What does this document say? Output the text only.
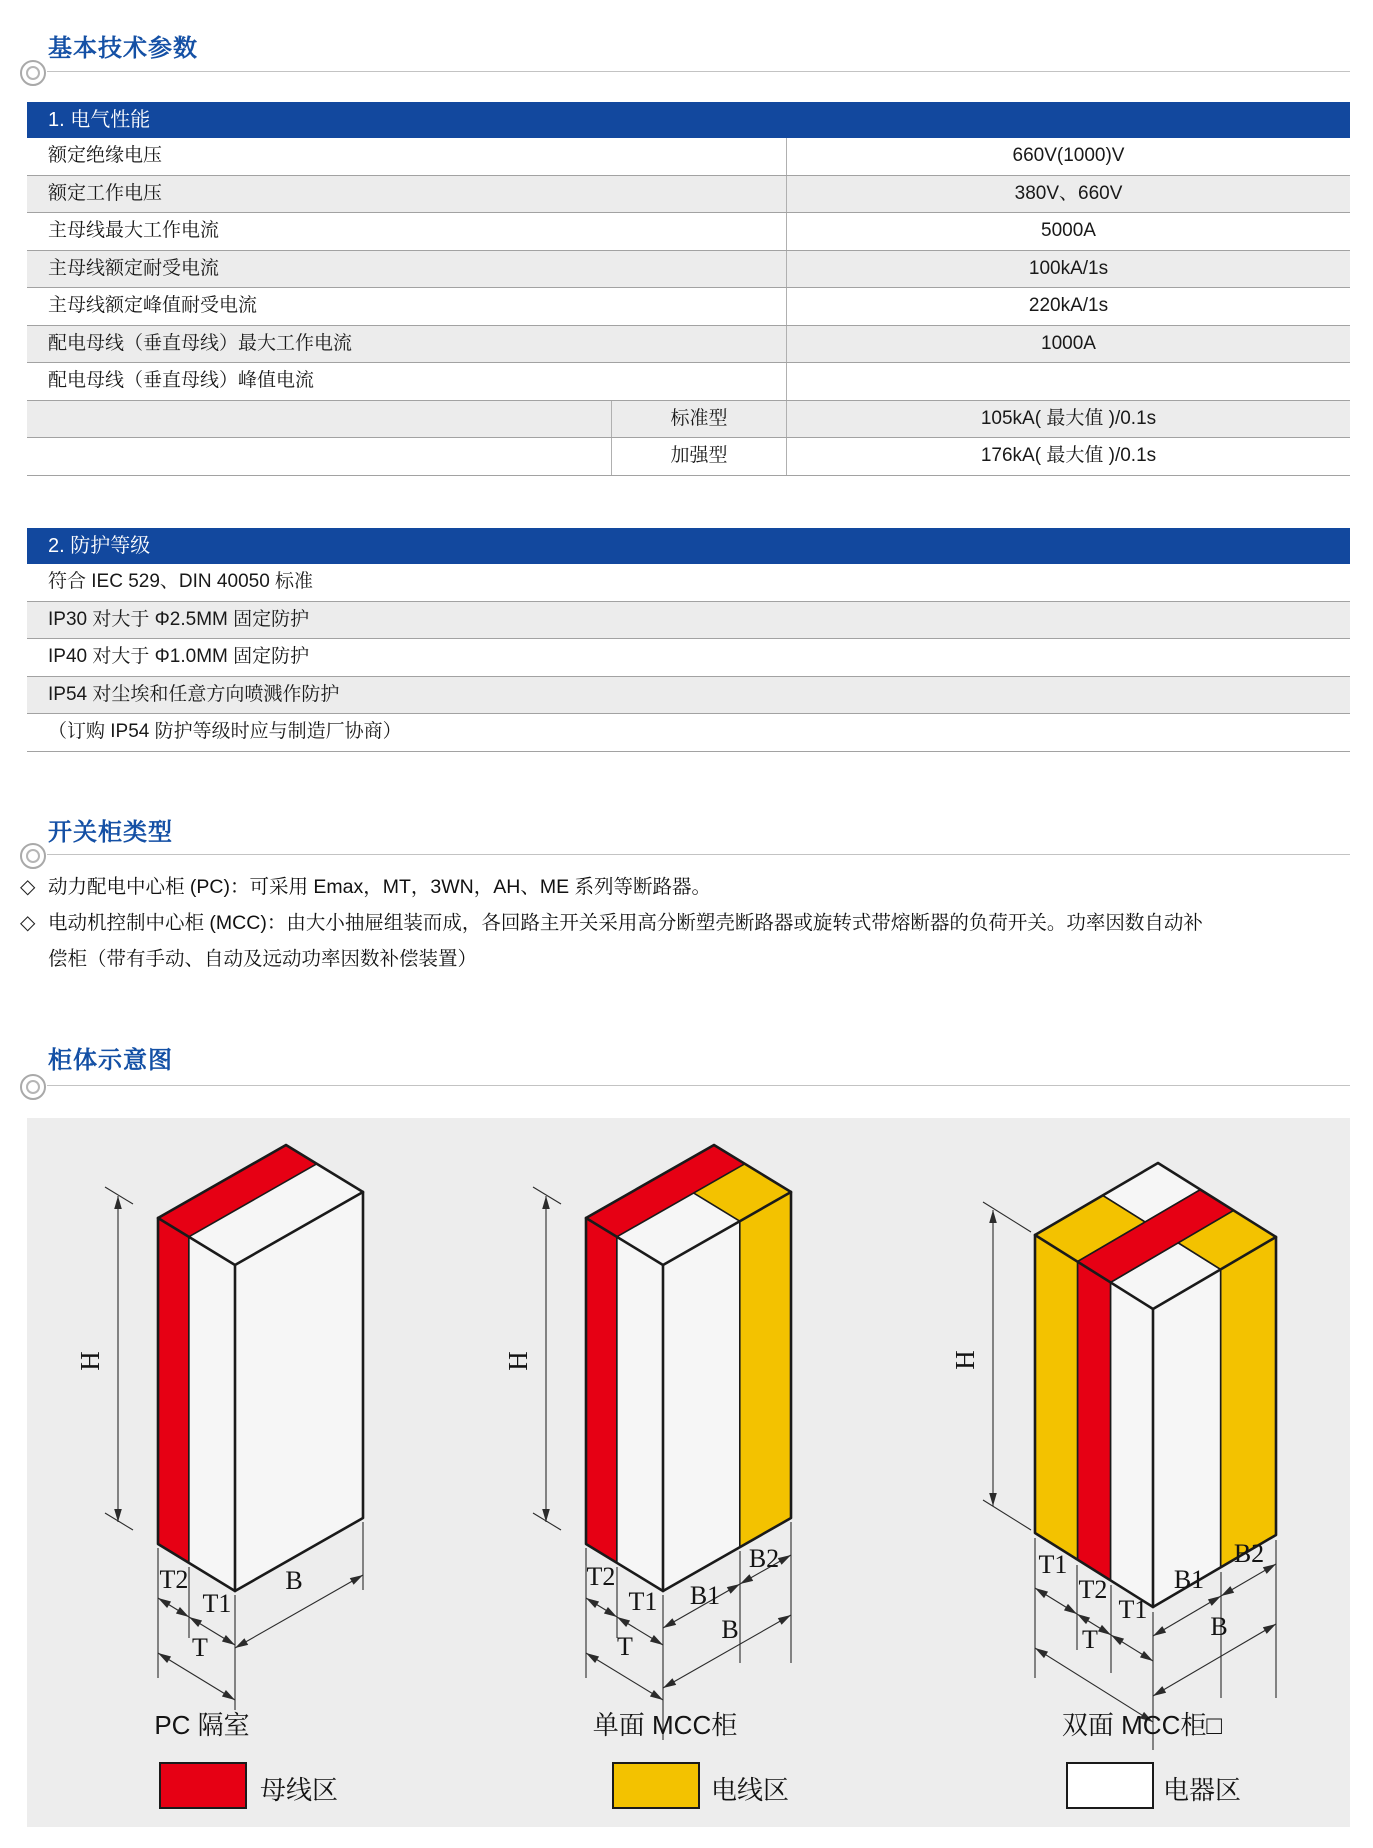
基本技术参数
1. 电气性能
额定绝缘电压	660V(1000)V
额定工作电压	380V、660V
主母线最大工作电流	5000A
主母线额定耐受电流	100kA/1s
主母线额定峰值耐受电流	220kA/1s
配电母线（垂直母线）最大工作电流	1000A
配电母线（垂直母线）峰值电流
标准型	105kA( 最大值 )/0.1s
加强型	176kA( 最大值 )/0.1s
2. 防护等级
符合 IEC 529、DIN 40050 标准
IP30 对大于 Φ2.5MM 固定防护
IP40 对大于 Φ1.0MM 固定防护
IP54 对尘埃和任意方向喷溅作防护
（订购 IP54 防护等级时应与制造厂协商）
开关柜类型
◇ 动力配电中心柜 (PC)：可采用 Emax，MT，3WN，AH、ME 系列等断路器。
◇ 电动机控制中心柜 (MCC)：由大小抽屉组装而成，各回路主开关采用高分断塑壳断路器或旋转式带熔断器的负荷开关。功率因数自动补
偿柜（带有手动、自动及远动功率因数补偿装置）
柜体示意图
H
T2
T1
T
B
PC 隔室
H
T2
T1
T
B1
B2
B
单面 MCC柜
H
T1
T2
T1
T
B1
B2
B
双面 MCC柜□
母线区	电线区	电器区
